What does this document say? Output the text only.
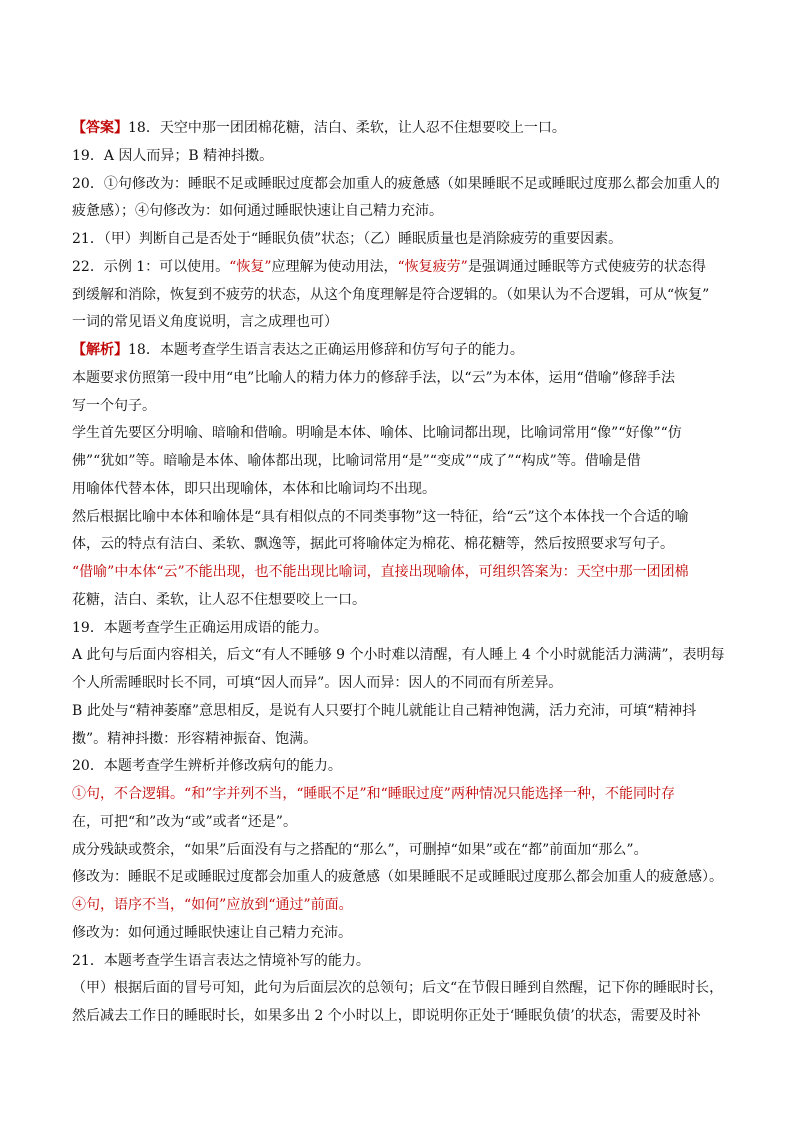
【答案】18．天空中那一团团棉花糖，洁白、柔软，让人忍不住想要咬上一口。
19．A 因人而异；B 精神抖擞。
20．①句修改为：睡眠不足或睡眠过度都会加重人的疲惫感（如果睡眠不足或睡眠过度那么都会加重人的
疲惫感）；④句修改为：如何通过睡眠快速让自己精力充沛。
21．（甲）判断自己是否处于“睡眠负债”状态；（乙）睡眠质量也是消除疲劳的重要因素。
22．示例 1：可以使用。“恢复”应理解为使动用法，“恢复疲劳”是强调通过睡眠等方式使疲劳的状态得
到缓解和消除，恢复到不疲劳的状态，从这个角度理解是符合逻辑的。（如果认为不合逻辑，可从“恢复”
一词的常见语义角度说明，言之成理也可）
【解析】18．本题考查学生语言表达之正确运用修辞和仿写句子的能力。
本题要求仿照第一段中用“电”比喻人的精力体力的修辞手法，以“云”为本体，运用“借喻”修辞手法
写一个句子。
学生首先要区分明喻、暗喻和借喻。明喻是本体、喻体、比喻词都出现，比喻词常用“像”“好像”“仿
佛”“犹如”等。暗喻是本体、喻体都出现，比喻词常用“是”“变成”“成了”“构成”等。借喻是借
用喻体代替本体，即只出现喻体，本体和比喻词均不出现。
然后根据比喻中本体和喻体是“具有相似点的不同类事物”这一特征，给“云”这个本体找一个合适的喻
体，云的特点有洁白、柔软、飘逸等，据此可将喻体定为棉花、棉花糖等，然后按照要求写句子。
“借喻”中本体“云”不能出现，也不能出现比喻词，直接出现喻体，可组织答案为：天空中那一团团棉
花糖，洁白、柔软，让人忍不住想要咬上一口。
19．本题考查学生正确运用成语的能力。
A 此句与后面内容相关，后文“有人不睡够 9 个小时难以清醒，有人睡上 4 个小时就能活力满满”，表明每
个人所需睡眠时长不同，可填“因人而异”。因人而异：因人的不同而有所差异。
B 此处与“精神萎靡”意思相反，是说有人只要打个盹儿就能让自己精神饱满，活力充沛，可填“精神抖
擞”。精神抖擞：形容精神振奋、饱满。
20．本题考查学生辨析并修改病句的能力。
①句，不合逻辑。“和”字并列不当，“睡眠不足”和“睡眠过度”两种情况只能选择一种，不能同时存
在，可把“和”改为“或”或者“还是”。
成分残缺或赘余，“如果”后面没有与之搭配的“那么”，可删掉“如果”或在“都”前面加“那么”。
修改为：睡眠不足或睡眠过度都会加重人的疲惫感（如果睡眠不足或睡眠过度那么都会加重人的疲惫感）。
④句，语序不当，“如何”应放到“通过”前面。
修改为：如何通过睡眠快速让自己精力充沛。
21．本题考查学生语言表达之情境补写的能力。
（甲）根据后面的冒号可知，此句为后面层次的总领句；后文“在节假日睡到自然醒，记下你的睡眠时长，
然后减去工作日的睡眠时长，如果多出 2 个小时以上，即说明你正处于‘睡眠负债’的状态，需要及时补
